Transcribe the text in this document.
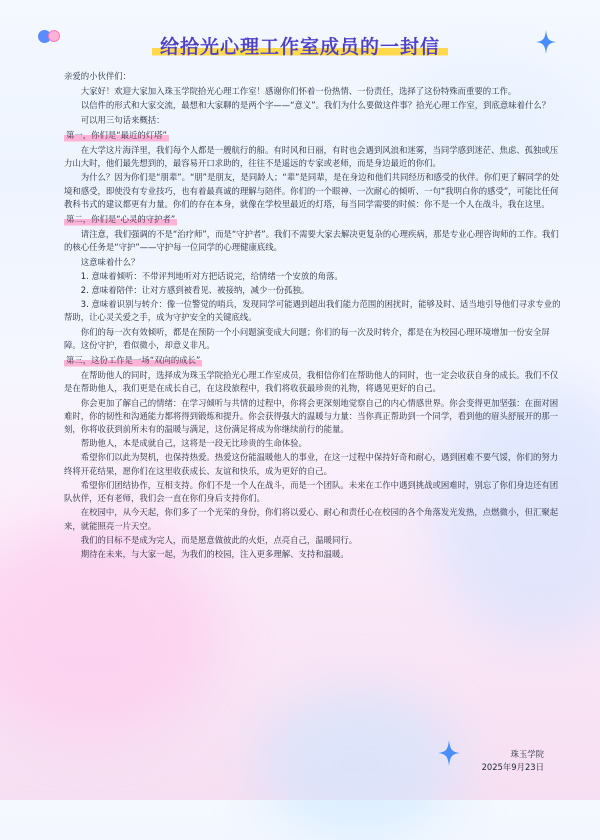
给拾光心理工作室成员的一封信

亲爱的小伙伴们：

大家好！欢迎大家加入珠玉学院拾光心理工作室！感谢你们怀着一份热情、一份责任，选择了这份特殊而重要的工作。

以信件的形式和大家交流，最想和大家聊的是两个字——“意义”。我们为什么要做这件事？拾光心理工作室，到底意味着什么？

可以用三句话来概括：

第一，你们是“最近的灯塔”

在大学这片海洋里，我们每个人都是一艘航行的船。有时风和日丽，有时也会遇到风浪和迷雾，当同学感到迷茫、焦虑、孤独或压力山大时，他们最先想到的，最容易开口求助的，往往不是遥远的专家或老师，而是身边最近的你们。

为什么？因为你们是“朋辈”。“朋”是朋友，是同龄人；“辈”是同辈，是在身边和他们共同经历和感受的伙伴。你们更了解同学的处境和感受，即使没有专业技巧，也有着最真诚的理解与陪伴。你们的一个眼神、一次耐心的倾听、一句“我明白你的感受”，可能比任何教科书式的建议都更有力量。你们的存在本身，就像在学校里最近的灯塔，每当同学需要的时候：你不是一个人在战斗，我在这里。

第二，你们是“心灵的守护者”

请注意，我们强调的不是“治疗师”，而是“守护者”。我们不需要大家去解决更复杂的心理疾病，那是专业心理咨询师的工作。我们的核心任务是“守护”——守护每一位同学的心理健康底线。

这意味着什么？

1. 意味着倾听：不带评判地听对方把话说完，给情绪一个安放的角落。

2. 意味着陪伴：让对方感到被看见、被接纳，减少一份孤独。

3. 意味着识别与转介：像一位警觉的哨兵，发现同学可能遇到超出我们能力范围的困扰时，能够及时、适当地引导他们寻求专业的帮助，让心灵关爱之手，成为守护安全的关键底线。

你们的每一次有效倾听，都是在预防一个小问题演变成大问题；你们的每一次及时转介，都是在为校园心理环境增加一份安全屏障。这份守护，看似微小，却意义非凡。

第三，这份工作是一场“双向的成长”

在帮助他人的同时，选择成为珠玉学院拾光心理工作室成员，我相信你们在帮助他人的同时，也一定会收获自身的成长。我们不仅是在帮助他人，我们更是在成长自己，在这段旅程中，我们将收获最珍贵的礼物，将遇见更好的自己。

你会更加了解自己的情绪：在学习倾听与共情的过程中，你将会更深刻地觉察自己的内心情感世界。你会变得更加坚强：在面对困难时，你的韧性和沟通能力都将得到锻炼和提升。你会获得强大的温暖与力量：当你真正帮助到一个同学，看到他的眉头舒展开的那一刻，你将收获到前所未有的温暖与满足，这份满足将成为你继续前行的能量。

帮助他人，本是成就自己，这将是一段无比珍贵的生命体验。

希望你们以此为契机，也保持热爱。热爱这份能温暖他人的事业，在这一过程中保持好奇和耐心，遇到困难不要气馁，你们的努力终将开花结果，愿你们在这里收获成长、友谊和快乐，成为更好的自己。

希望你们团结协作，互相支持。你们不是一个人在战斗，而是一个团队。未来在工作中遇到挑战或困难时，别忘了你们身边还有团队伙伴，还有老师，我们会一直在你们身后支持你们。

在校园中，从今天起，你们多了一个光荣的身份，你们将以爱心、耐心和责任心在校园的各个角落发光发热，点燃微小，但汇聚起来，就能照亮一片天空。

我们的目标不是成为完人，而是愿意做彼此的火炬，点亮自己，温暖同行。

期待在未来，与大家一起，为我们的校园，注入更多理解、支持和温暖。

珠玉学院
2025年9月23日
